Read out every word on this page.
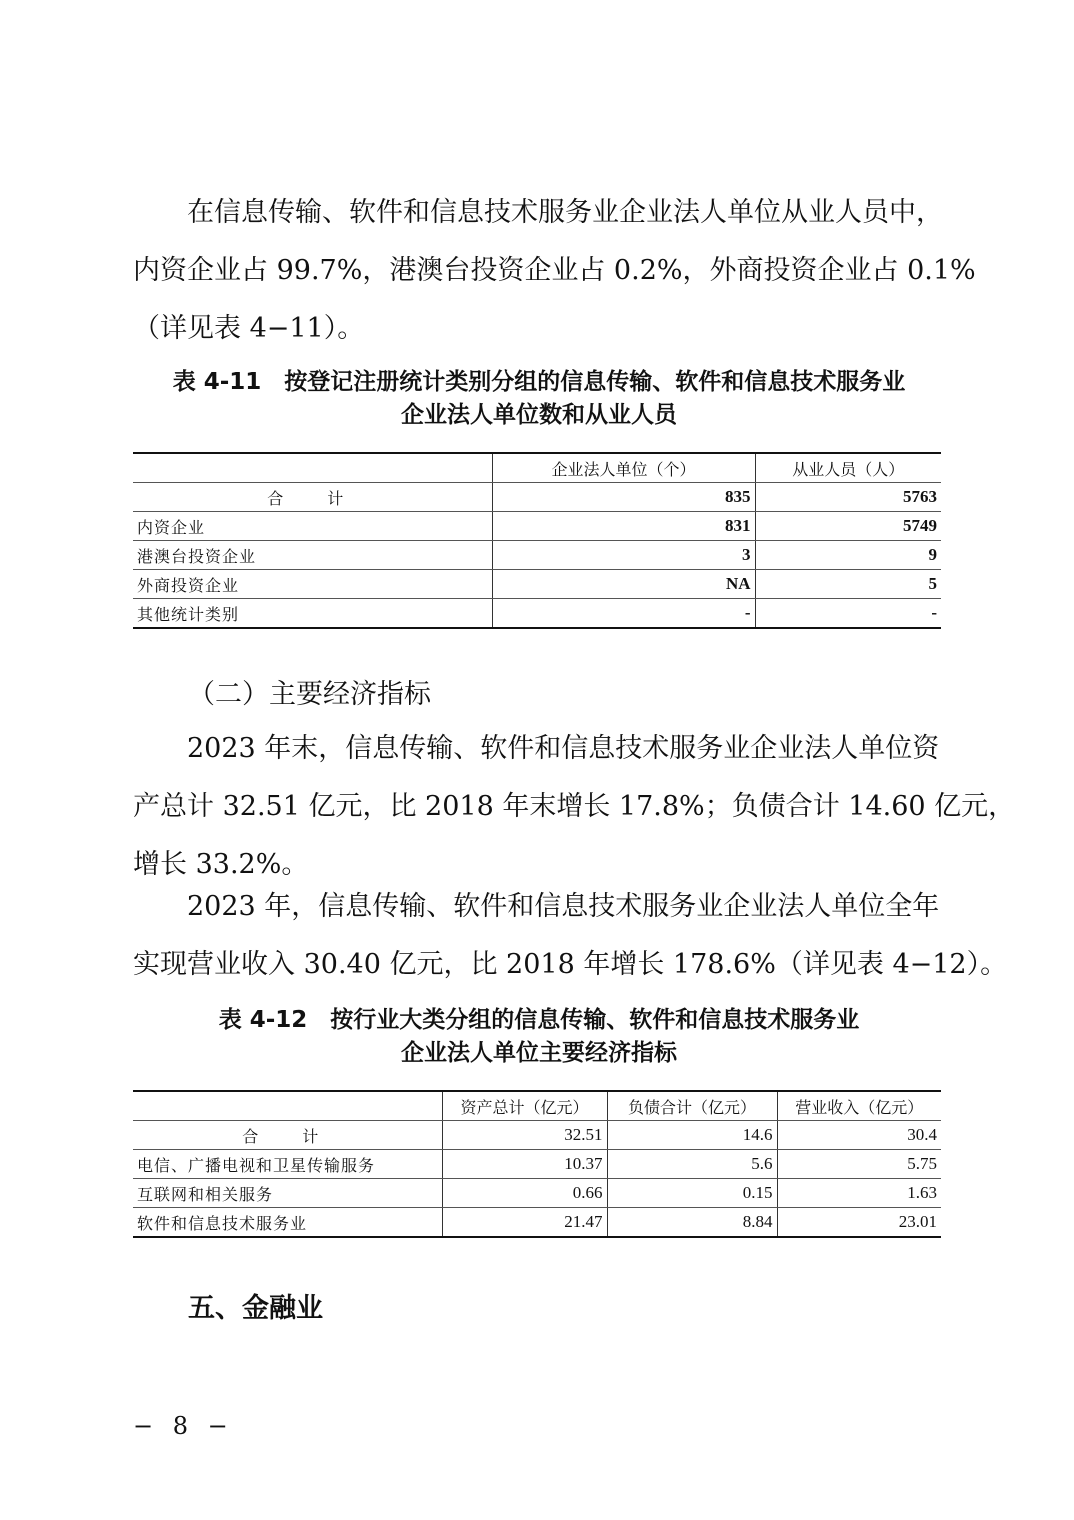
在信息传输、软件和信息技术服务业企业法人单位从业人员中，
内资企业占 99.7%，港澳台投资企业占 0.2%，外商投资企业占 0.1%
（详见表 4−11）。
表 4-11　按登记注册统计类别分组的信息传输、软件和信息技术服务业
企业法人单位数和从业人员
	企业法人单位（个）	从业人员（人）
合　计	835	5763
内资企业	831	5749
港澳台投资企业	3	9
外商投资企业	NA	5
其他统计类别	-	-
（二）主要经济指标
2023 年末，信息传输、软件和信息技术服务业企业法人单位资
产总计 32.51 亿元，比 2018 年末增长 17.8%；负债合计 14.60 亿元，
增长 33.2%。
2023 年，信息传输、软件和信息技术服务业企业法人单位全年
实现营业收入 30.40 亿元，比 2018 年增长 178.6%（详见表 4−12）。
表 4-12　按行业大类分组的信息传输、软件和信息技术服务业
企业法人单位主要经济指标
	资产总计（亿元）	负债合计（亿元）	营业收入（亿元）
合　计	32.51	14.6	30.4
电信、广播电视和卫星传输服务	10.37	5.6	5.75
互联网和相关服务	0.66	0.15	1.63
软件和信息技术服务业	21.47	8.84	23.01
五、金融业
− 8 −
